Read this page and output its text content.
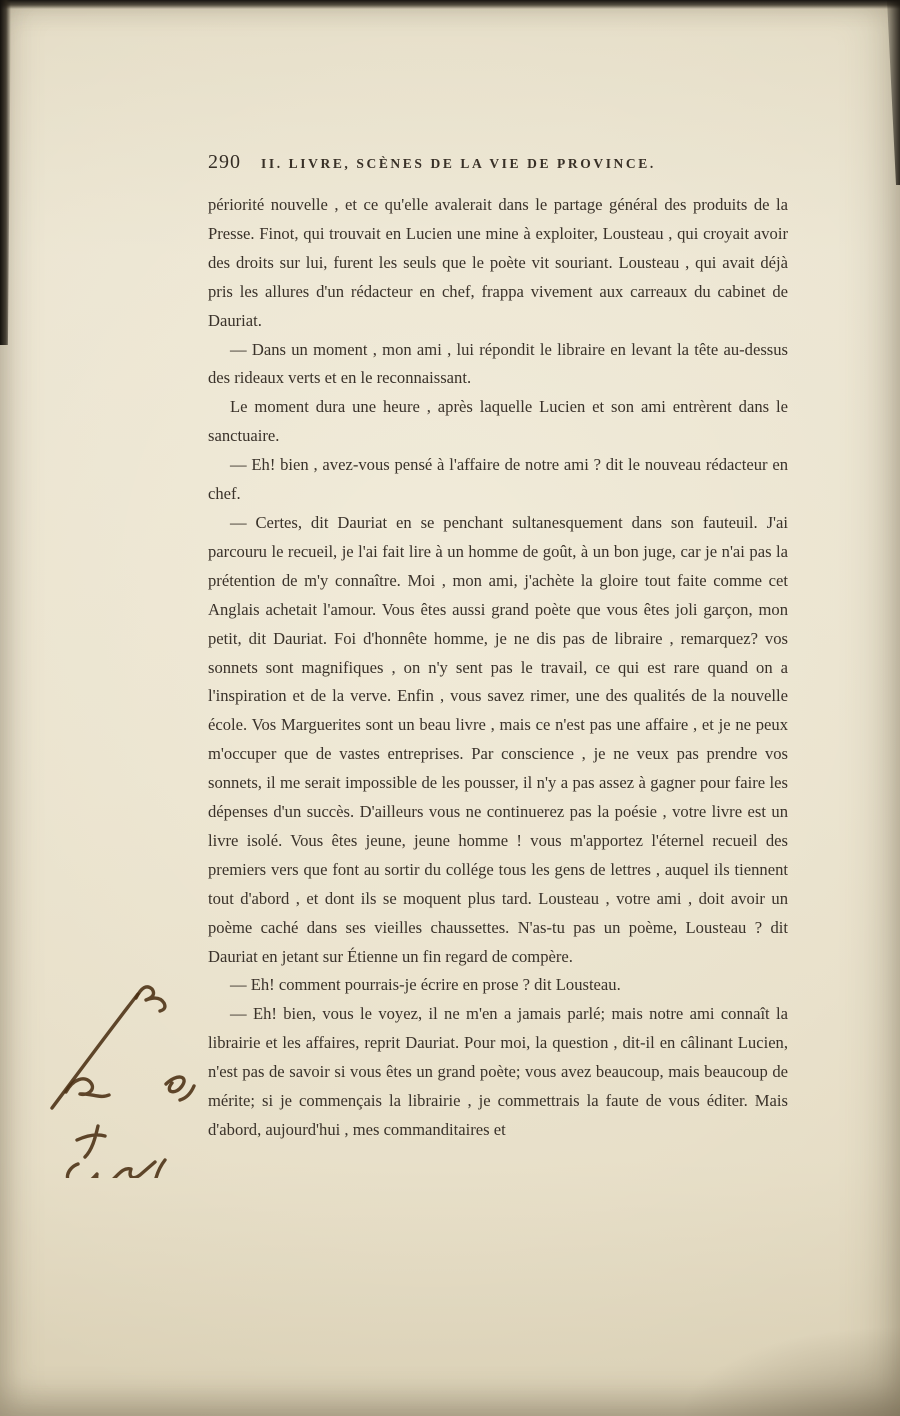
290 II. LIVRE, SCÈNES DE LA VIE DE PROVINCE.

périorité nouvelle , et ce qu'elle avalerait dans le partage général des produits de la Presse. Finot, qui trouvait en Lucien une mine à exploiter, Lousteau , qui croyait avoir des droits sur lui, furent les seuls que le poète vit souriant. Lousteau , qui avait déjà pris les allures d'un rédacteur en chef, frappa vivement aux carreaux du cabinet de Dauriat.

— Dans un moment , mon ami , lui répondit le libraire en levant la tête au-dessus des rideaux verts et en le reconnaissant.

Le moment dura une heure , après laquelle Lucien et son ami entrèrent dans le sanctuaire.

— Eh! bien , avez-vous pensé à l'affaire de notre ami ? dit le nouveau rédacteur en chef.

— Certes, dit Dauriat en se penchant sultanesquement dans son fauteuil. J'ai parcouru le recueil, je l'ai fait lire à un homme de goût, à un bon juge, car je n'ai pas la prétention de m'y connaître. Moi , mon ami, j'achète la gloire tout faite comme cet Anglais achetait l'amour. Vous êtes aussi grand poète que vous êtes joli garçon, mon petit, dit Dauriat. Foi d'honnête homme, je ne dis pas de libraire , remarquez? vos sonnets sont magnifiques , on n'y sent pas le travail, ce qui est rare quand on a l'inspiration et de la verve. Enfin , vous savez rimer, une des qualités de la nouvelle école. Vos Marguerites sont un beau livre , mais ce n'est pas une affaire , et je ne peux m'occuper que de vastes entreprises. Par conscience , je ne veux pas prendre vos sonnets, il me serait impossible de les pousser, il n'y a pas assez à gagner pour faire les dépenses d'un succès. D'ailleurs vous ne continuerez pas la poésie , votre livre est un livre isolé. Vous êtes jeune, jeune homme ! vous m'apportez l'éternel recueil des premiers vers que font au sortir du collége tous les gens de lettres , auquel ils tiennent tout d'abord , et dont ils se moquent plus tard. Lousteau , votre ami , doit avoir un poème caché dans ses vieilles chaussettes. N'as-tu pas un poème, Lousteau ? dit Dauriat en jetant sur Étienne un fin regard de compère.

— Eh! comment pourrais-je écrire en prose ? dit Lousteau.

— Eh! bien, vous le voyez, il ne m'en a jamais parlé; mais notre ami connaît la librairie et les affaires, reprit Dauriat. Pour moi, la question , dit-il en câlinant Lucien, n'est pas de savoir si vous êtes un grand poète; vous avez beaucoup, mais beaucoup de mérite; si je commençais la librairie , je commettrais la faute de vous éditer. Mais d'abord, aujourd'hui , mes commanditaires et
